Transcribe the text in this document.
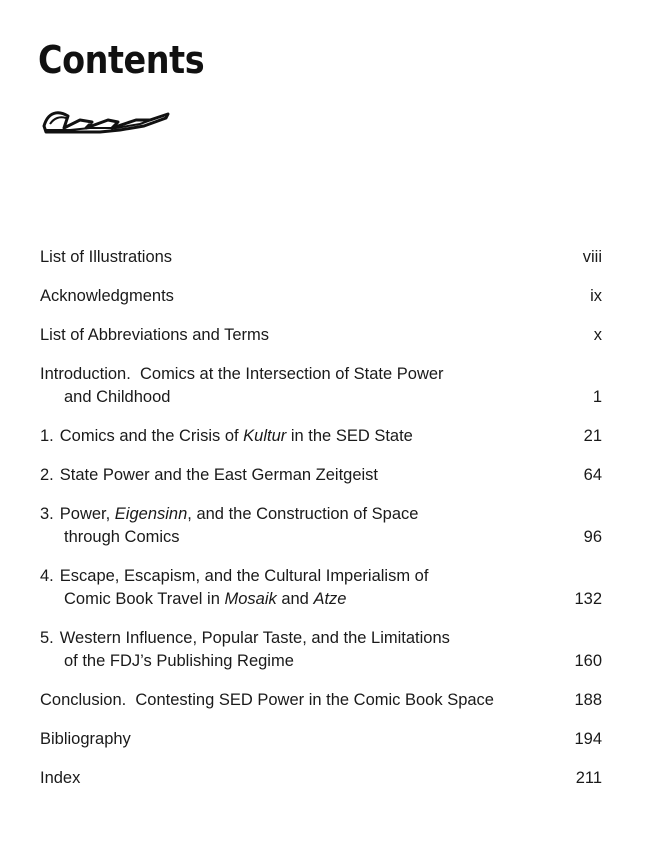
Contents
List of Illustrations	viii
Acknowledgments	ix
List of Abbreviations and Terms	x
Introduction.  Comics at the Intersection of State Power
and Childhood	1
1. Comics and the Crisis of Kultur in the SED State	21
2. State Power and the East German Zeitgeist	64
3. Power, Eigensinn, and the Construction of Space
through Comics	96
4. Escape, Escapism, and the Cultural Imperialism of
Comic Book Travel in Mosaik and Atze	132
5. Western Influence, Popular Taste, and the Limitations
of the FDJ’s Publishing Regime	160
Conclusion.  Contesting SED Power in the Comic Book Space	188
Bibliography	194
Index	211
